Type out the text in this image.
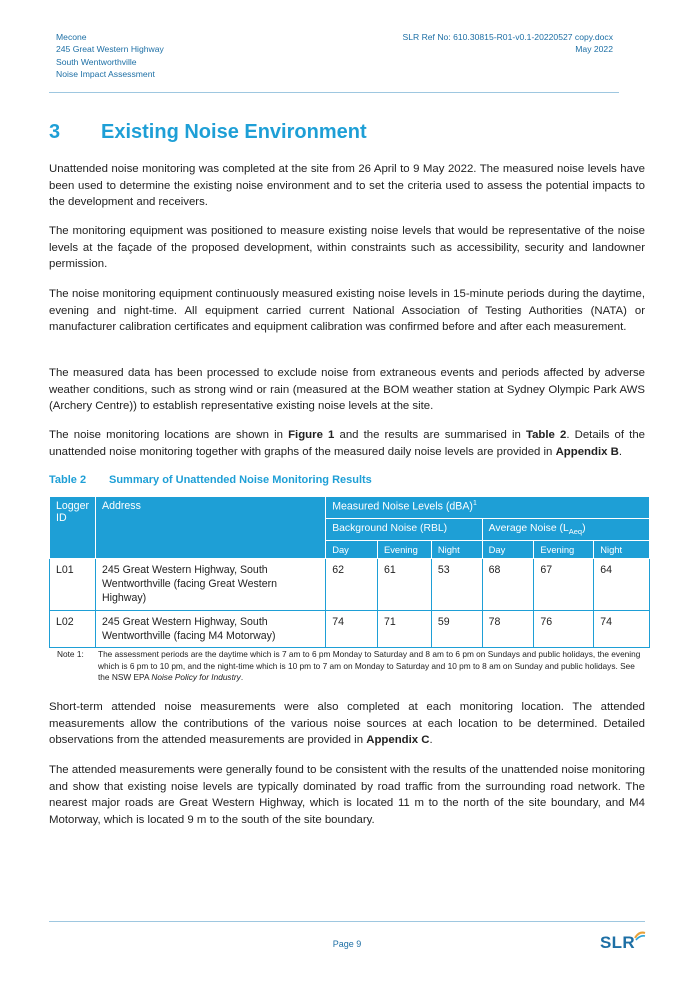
Mecone
245 Great Western Highway
South Wentworthville
Noise Impact Assessment
SLR Ref No: 610.30815-R01-v0.1-20220527 copy.docx
May 2022
3	Existing Noise Environment

Unattended noise monitoring was completed at the site from 26 April to 9 May 2022. The measured noise levels have been used to determine the existing noise environment and to set the criteria used to assess the potential impacts to the development and receivers.

The monitoring equipment was positioned to measure existing noise levels that would be representative of the noise levels at the façade of the proposed development, within constraints such as accessibility, security and landowner permission.

The noise monitoring equipment continuously measured existing noise levels in 15-minute periods during the daytime, evening and night-time. All equipment carried current National Association of Testing Authorities (NATA) or manufacturer calibration certificates and equipment calibration was confirmed before and after each measurement.

The measured data has been processed to exclude noise from extraneous events and periods affected by adverse weather conditions, such as strong wind or rain (measured at the BOM weather station at Sydney Olympic Park AWS (Archery Centre)) to establish representative existing noise levels at the site.

The noise monitoring locations are shown in Figure 1 and the results are summarised in Table 2. Details of the unattended noise monitoring together with graphs of the measured daily noise levels are provided in Appendix B.

Table 2	Summary of Unattended Noise Monitoring Results
Logger ID	Address	Measured Noise Levels (dBA)$^1$
		Background Noise (RBL)			Average Noise $(L_{Aeq})$		
		Day	Evening	Night	Day	Evening	Night
L01	245 Great Western Highway, South Wentworthville (facing Great Western Highway)	62	61	53	68	67	64
L02	245 Great Western Highway, South Wentworthville (facing M4 Motorway)	74	71	59	78	76	74
Note 1:	The assessment periods are the daytime which is 7 am to 6 pm Monday to Saturday and 8 am to 6 pm on Sundays and public holidays, the evening which is 6 pm to 10 pm, and the night-time which is 10 pm to 7 am on Monday to Saturday and 10 pm to 8 am on Sunday and public holidays. See the NSW EPA Noise Policy for Industry.

Short-term attended noise measurements were also completed at each monitoring location. The attended measurements allow the contributions of the various noise sources at each location to be determined. Detailed observations from the attended measurements are provided in Appendix C.

The attended measurements were generally found to be consistent with the results of the unattended noise monitoring and show that existing noise levels are typically dominated by road traffic from the surrounding road network. The nearest major roads are Great Western Highway, which is located 11 m to the north of the site boundary, and M4 Motorway, which is located 9 m to the south of the site boundary.

Page 9	SLR
